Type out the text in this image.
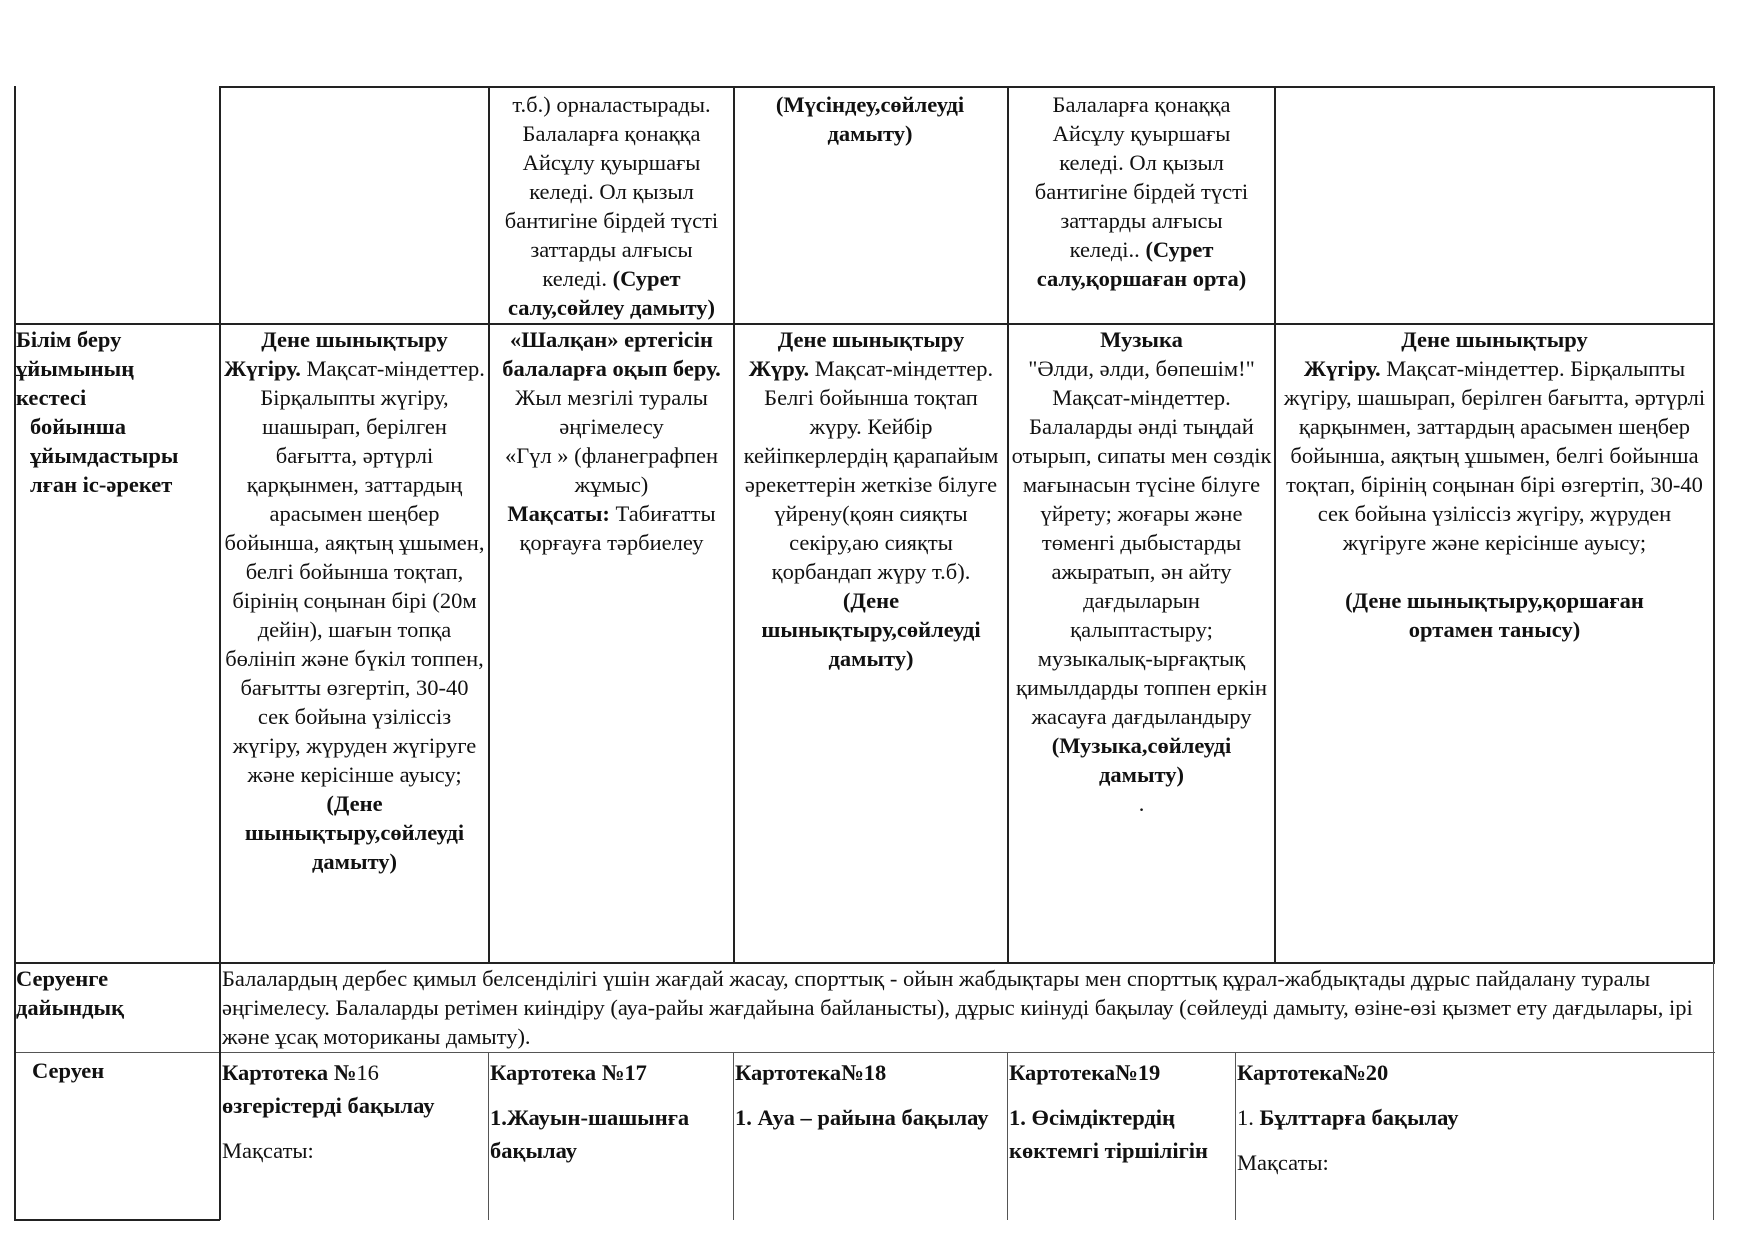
т.б.) орналастырады.
Балаларға қонаққа
Айсұлу қуыршағы
келеді. Ол қызыл
бантигіне бірдей түсті
заттарды алғысы
келеді. (Сурет салу,сөйлеу дамыту)
(Мүсіндеу,сөйлеуді дамыту)
Балаларға қонаққа
Айсұлу қуыршағы
келеді. Ол қызыл
бантигіне бірдей түсті
заттарды алғысы
келеді.. (Сурет салу,қоршаған орта)
Білім беру
ұйымының
кестесі
бойынша
ұйымдастыры
лған іс-әрекет
Дене шынықтыру
Жүгіру. Мақсат-міндеттер. Бірқалыпты жүгіру, шашырап, берілген бағытта, әртүрлі қарқынмен, заттардың арасымен шеңбер бойынша, аяқтың ұшымен, белгі бойынша тоқтап, бірінің соңынан бірі (20м дейін), шағын топқа бөлініп және бүкіл топпен, бағытты өзгертіп, 30-40 сек бойына үзіліссіз жүгіру, жүруден жүгіруге және керісінше ауысу;
(Дене шынықтыру,сөйлеуді дамыту)
«Шалқан» ертегісін балаларға оқып беру.
Жыл мезгілі туралы әңгімелесу
«Гүл » (фланеграфпен жұмыс)
Мақсаты: Табиғатты қорғауға тәрбиелеу
Дене шынықтыру
Жүру. Мақсат-міндеттер. Белгі бойынша тоқтап жүру. Кейбір кейіпкерлердің қарапайым әрекеттерін жеткізе білуге үйрену(қоян сияқты секіру,аю сияқты қорбандап жүру т.б).
(Дене шынықтыру,сөйлеуді дамыту)
Музыка
"Әлди, әлди, бөпешім!"
Мақсат-міндеттер. Балаларды әнді тыңдай отырып, сипаты мен сөздік мағынасын түсіне білуге үйрету; жоғары және төменгі дыбыстарды ажыратып, ән айту дағдыларын қалыптастыру; музыкалық-ырғақтық қимылдарды топпен еркін жасауға дағдыландыру
(Музыка,сөйлеуді дамыту)
.
Дене шынықтыру
Жүгіру. Мақсат-міндеттер. Бірқалыпты жүгіру, шашырап, берілген бағытта, әртүрлі қарқынмен, заттардың арасымен шеңбер бойынша, аяқтың ұшымен, белгі бойынша тоқтап, бірінің соңынан бірі өзгертіп, 30-40 сек бойына үзіліссіз жүгіру, жүруден жүгіруге және керісінше ауысу;
(Дене шынықтыру,қоршаған ортамен танысу)
Серуенге
дайындық
Балалардың дербес қимыл белсенділігі үшін жағдай жасау, спорттық - ойын жабдықтары мен спорттық құрал-жабдықтады дұрыс пайдалану туралы әңгімелесу. Балаларды ретімен киіндіру (ауа-райы жағдайына байланысты), дұрыс киінуді бақылау (сөйлеуді дамыту, өзіне-өзі қызмет ету дағдылары, ірі және ұсақ моториканы дамыту).
Серуен	Картотека №16
өзгерістерді бақылау
Мақсаты:
Картотека №17
1.Жауын-шашынға бақылау
Картотека№18
1. Ауа – райына бақылау
Картотека№19
1. Өсімдіктердің көктемгі тіршілігін
Картотека№20
1. Бұлттарға бақылау
Мақсаты:
